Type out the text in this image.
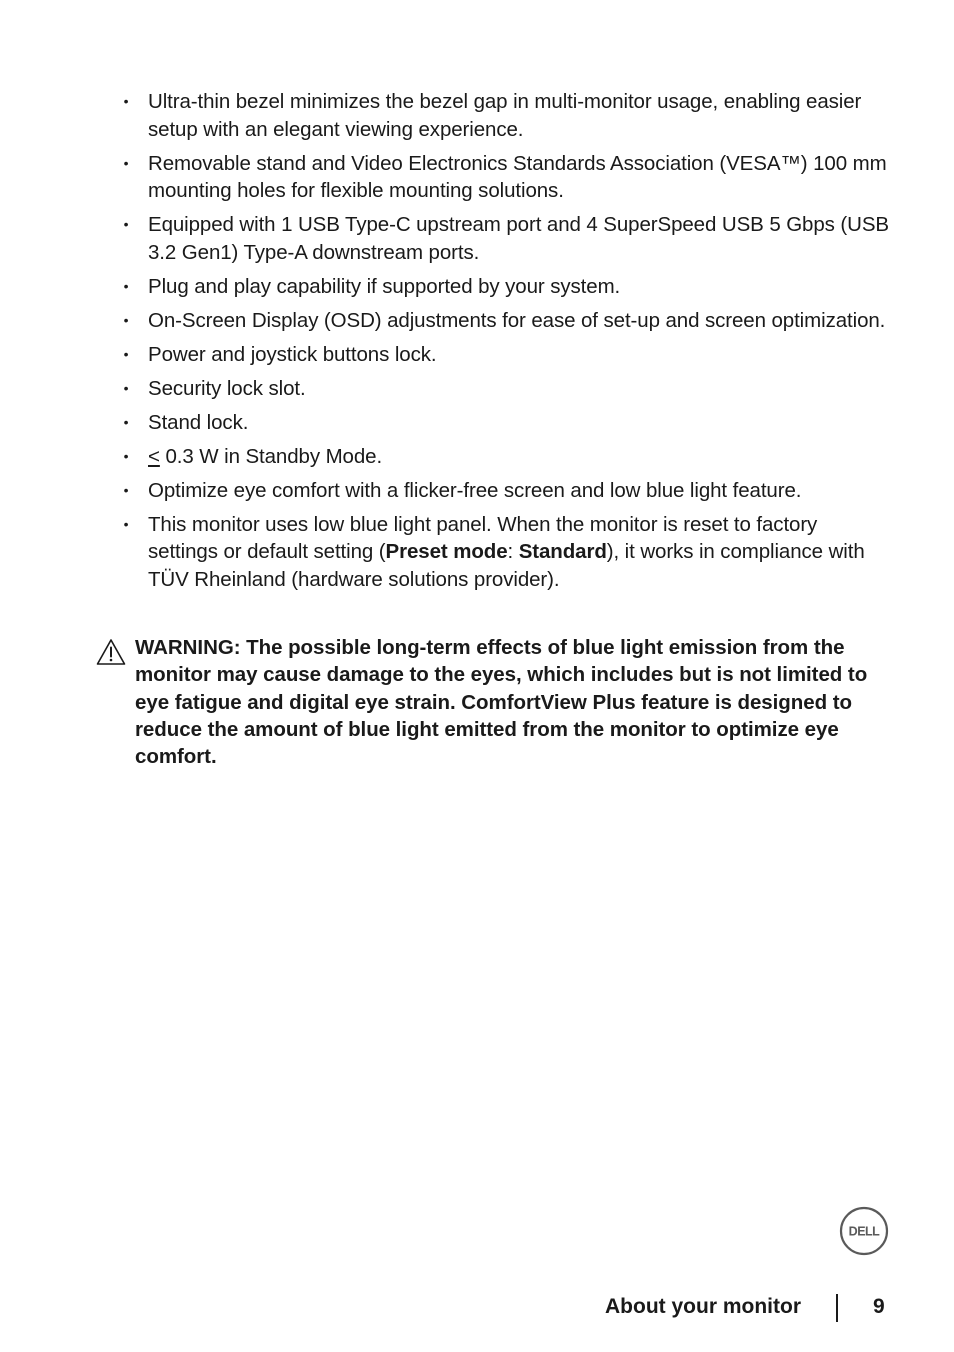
• Ultra-thin bezel minimizes the bezel gap in multi-monitor usage, enabling easier setup with an elegant viewing experience.
• Removable stand and Video Electronics Standards Association (VESA™) 100 mm mounting holes for flexible mounting solutions.
• Equipped with 1 USB Type-C upstream port and 4 SuperSpeed USB 5 Gbps (USB 3.2 Gen1) Type-A downstream ports.
• Plug and play capability if supported by your system.
• On-Screen Display (OSD) adjustments for ease of set-up and screen optimization.
• Power and joystick buttons lock.
• Security lock slot.
• Stand lock.
• ≤ 0.3 W in Standby Mode.
• Optimize eye comfort with a flicker-free screen and low blue light feature.
• This monitor uses low blue light panel. When the monitor is reset to factory settings or default setting (Preset mode: Standard), it works in compliance with TÜV Rheinland (hardware solutions provider).
WARNING: The possible long-term effects of blue light emission from the monitor may cause damage to the eyes, which includes but is not limited to eye fatigue and digital eye strain. ComfortView Plus feature is designed to reduce the amount of blue light emitted from the monitor to optimize eye comfort.
DELL
About your monitor	9
